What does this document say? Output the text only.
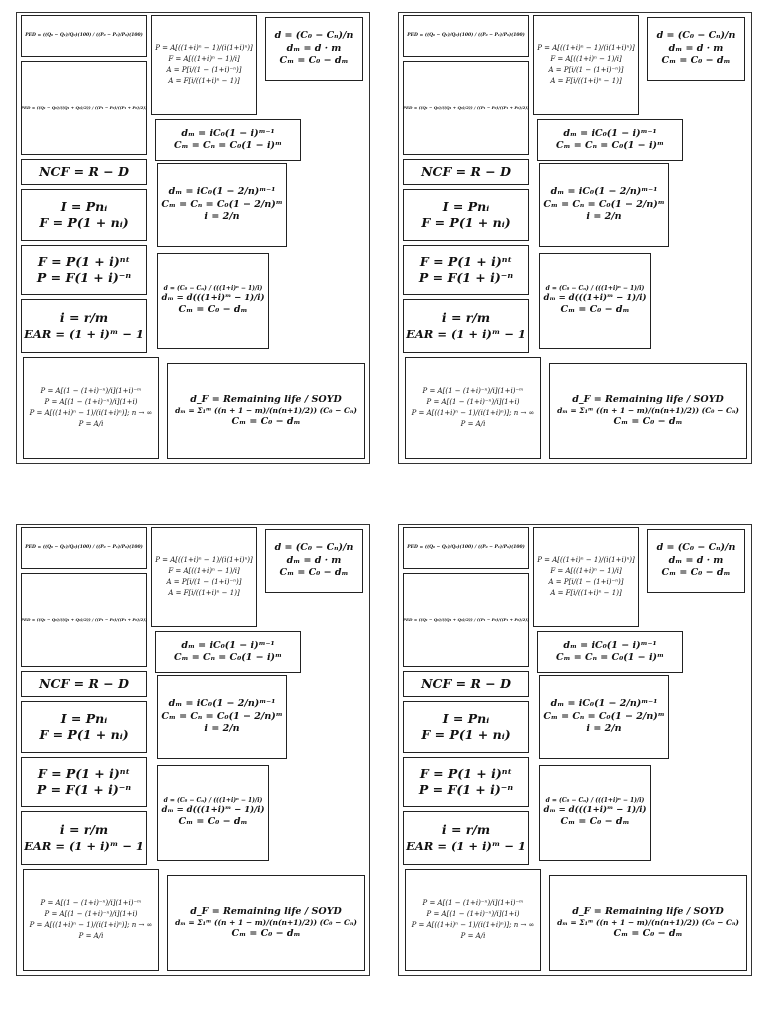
PED = ((Q₀ − Q₁)/Q₀)(100) / ((P₀ − P₁)/P₀)(100)
P = A[((1+i)ⁿ − 1)/(i(1+i)ⁿ)]
F = A[((1+i)ⁿ − 1)/i]
A = P[i/(1 − (1+i)⁻ⁿ)]
A = F[i/((1+i)ⁿ − 1)]
d = (C₀ − Cₙ)/n
dₘ = d · m
Cₘ = C₀ − dₘ
PED = ((Q₁ − Q₀)/((Q₁ + Q₀)/2)) / ((P₁ − P₀)/((P₁ + P₀)/2))
dₘ = iC₀(1 − i)ᵐ⁻¹
Cₘ = Cₙ = C₀(1 − i)ᵐ
NCF = R − D
dₘ = iC₀(1 − 2/n)ᵐ⁻¹
Cₘ = Cₙ = C₀(1 − 2/n)ᵐ
i = 2/n
I = Pnᵢ
F = P(1 + nᵢ)
F = P(1 + i)ⁿᵗ
P = F(1 + i)⁻ⁿ
d = (C₀ − Cₙ) / (((1+i)ⁿ − 1)/i)
dₘ = d(((1+i)ᵐ − 1)/i)
Cₘ = C₀ − dₘ
i = r/m
EAR = (1 + i)ᵐ − 1
P = A[(1 − (1+i)⁻ⁿ)/i](1+i)⁻ᵐ
P = A[(1 − (1+i)⁻ⁿ)/i](1+i)
P = A[((1+i)ⁿ − 1)/(i(1+i)ⁿ)]; n → ∞
P = A/i
d_F = Remaining life / SOYD
dₘ = Σ₁ᵐ ((n + 1 − m)/(n(n+1)/2)) (C₀ − Cₙ)
Cₘ = C₀ − dₘ
PED = ((Q₀ − Q₁)/Q₀)(100) / ((P₀ − P₁)/P₀)(100)
P = A[((1+i)ⁿ − 1)/(i(1+i)ⁿ)]
F = A[((1+i)ⁿ − 1)/i]
A = P[i/(1 − (1+i)⁻ⁿ)]
A = F[i/((1+i)ⁿ − 1)]
d = (C₀ − Cₙ)/n
dₘ = d · m
Cₘ = C₀ − dₘ
PED = ((Q₁ − Q₀)/((Q₁ + Q₀)/2)) / ((P₁ − P₀)/((P₁ + P₀)/2))
dₘ = iC₀(1 − i)ᵐ⁻¹
Cₘ = Cₙ = C₀(1 − i)ᵐ
NCF = R − D
dₘ = iC₀(1 − 2/n)ᵐ⁻¹
Cₘ = Cₙ = C₀(1 − 2/n)ᵐ
i = 2/n
I = Pnᵢ
F = P(1 + nᵢ)
F = P(1 + i)ⁿᵗ
P = F(1 + i)⁻ⁿ
d = (C₀ − Cₙ) / (((1+i)ⁿ − 1)/i)
dₘ = d(((1+i)ᵐ − 1)/i)
Cₘ = C₀ − dₘ
i = r/m
EAR = (1 + i)ᵐ − 1
P = A[(1 − (1+i)⁻ⁿ)/i](1+i)⁻ᵐ
P = A[(1 − (1+i)⁻ⁿ)/i](1+i)
P = A[((1+i)ⁿ − 1)/(i(1+i)ⁿ)]; n → ∞
P = A/i
d_F = Remaining life / SOYD
dₘ = Σ₁ᵐ ((n + 1 − m)/(n(n+1)/2)) (C₀ − Cₙ)
Cₘ = C₀ − dₘ
PED = ((Q₀ − Q₁)/Q₀)(100) / ((P₀ − P₁)/P₀)(100)
P = A[((1+i)ⁿ − 1)/(i(1+i)ⁿ)]
F = A[((1+i)ⁿ − 1)/i]
A = P[i/(1 − (1+i)⁻ⁿ)]
A = F[i/((1+i)ⁿ − 1)]
d = (C₀ − Cₙ)/n
dₘ = d · m
Cₘ = C₀ − dₘ
PED = ((Q₁ − Q₀)/((Q₁ + Q₀)/2)) / ((P₁ − P₀)/((P₁ + P₀)/2))
dₘ = iC₀(1 − i)ᵐ⁻¹
Cₘ = Cₙ = C₀(1 − i)ᵐ
NCF = R − D
dₘ = iC₀(1 − 2/n)ᵐ⁻¹
Cₘ = Cₙ = C₀(1 − 2/n)ᵐ
i = 2/n
I = Pnᵢ
F = P(1 + nᵢ)
F = P(1 + i)ⁿᵗ
P = F(1 + i)⁻ⁿ
d = (C₀ − Cₙ) / (((1+i)ⁿ − 1)/i)
dₘ = d(((1+i)ᵐ − 1)/i)
Cₘ = C₀ − dₘ
i = r/m
EAR = (1 + i)ᵐ − 1
P = A[(1 − (1+i)⁻ⁿ)/i](1+i)⁻ᵐ
P = A[(1 − (1+i)⁻ⁿ)/i](1+i)
P = A[((1+i)ⁿ − 1)/(i(1+i)ⁿ)]; n → ∞
P = A/i
d_F = Remaining life / SOYD
dₘ = Σ₁ᵐ ((n + 1 − m)/(n(n+1)/2)) (C₀ − Cₙ)
Cₘ = C₀ − dₘ
PED = ((Q₀ − Q₁)/Q₀)(100) / ((P₀ − P₁)/P₀)(100)
P = A[((1+i)ⁿ − 1)/(i(1+i)ⁿ)]
F = A[((1+i)ⁿ − 1)/i]
A = P[i/(1 − (1+i)⁻ⁿ)]
A = F[i/((1+i)ⁿ − 1)]
d = (C₀ − Cₙ)/n
dₘ = d · m
Cₘ = C₀ − dₘ
PED = ((Q₁ − Q₀)/((Q₁ + Q₀)/2)) / ((P₁ − P₀)/((P₁ + P₀)/2))
dₘ = iC₀(1 − i)ᵐ⁻¹
Cₘ = Cₙ = C₀(1 − i)ᵐ
NCF = R − D
dₘ = iC₀(1 − 2/n)ᵐ⁻¹
Cₘ = Cₙ = C₀(1 − 2/n)ᵐ
i = 2/n
I = Pnᵢ
F = P(1 + nᵢ)
F = P(1 + i)ⁿᵗ
P = F(1 + i)⁻ⁿ
d = (C₀ − Cₙ) / (((1+i)ⁿ − 1)/i)
dₘ = d(((1+i)ᵐ − 1)/i)
Cₘ = C₀ − dₘ
i = r/m
EAR = (1 + i)ᵐ − 1
P = A[(1 − (1+i)⁻ⁿ)/i](1+i)⁻ᵐ
P = A[(1 − (1+i)⁻ⁿ)/i](1+i)
P = A[((1+i)ⁿ − 1)/(i(1+i)ⁿ)]; n → ∞
P = A/i
d_F = Remaining life / SOYD
dₘ = Σ₁ᵐ ((n + 1 − m)/(n(n+1)/2)) (C₀ − Cₙ)
Cₘ = C₀ − dₘ
